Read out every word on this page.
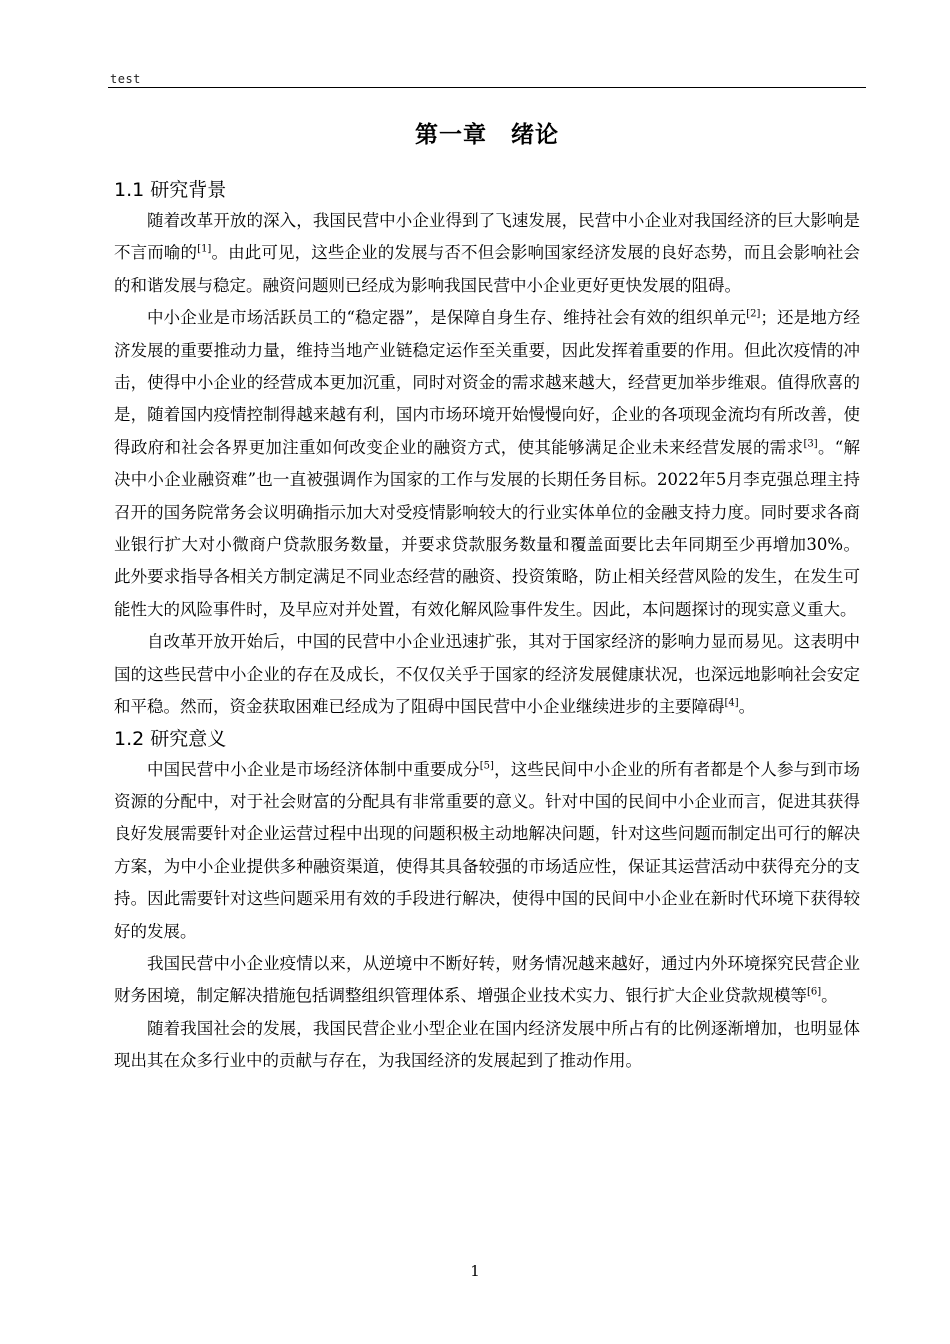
test
第一章　绪论
1.1 研究背景

随着改革开放的深入，我国民营中小企业得到了飞速发展，民营中小企业对我国经济的巨大影响是不言而喻的[1]。由此可见，这些企业的发展与否不但会影响国家经济发展的良好态势，而且会影响社会的和谐发展与稳定。融资问题则已经成为影响我国民营中小企业更好更快发展的阻碍。

中小企业是市场活跃员工的“稳定器”，是保障自身生存、维持社会有效的组织单元[2]；还是地方经济发展的重要推动力量，维持当地产业链稳定运作至关重要，因此发挥着重要的作用。但此次疫情的冲击，使得中小企业的经营成本更加沉重，同时对资金的需求越来越大，经营更加举步维艰。值得欣喜的是，随着国内疫情控制得越来越有利，国内市场环境开始慢慢向好，企业的各项现金流均有所改善，使得政府和社会各界更加注重如何改变企业的融资方式，使其能够满足企业未来经营发展的需求[3]。“解决中小企业融资难”也一直被强调作为国家的工作与发展的长期任务目标。2022年5月李克强总理主持召开的国务院常务会议明确指示加大对受疫情影响较大的行业实体单位的金融支持力度。同时要求各商业银行扩大对小微商户贷款服务数量，并要求贷款服务数量和覆盖面要比去年同期至少再增加30%。此外要求指导各相关方制定满足不同业态经营的融资、投资策略，防止相关经营风险的发生，在发生可能性大的风险事件时，及早应对并处置，有效化解风险事件发生。因此，本问题探讨的现实意义重大。

自改革开放开始后，中国的民营中小企业迅速扩张，其对于国家经济的影响力显而易见。这表明中国的这些民营中小企业的存在及成长，不仅仅关乎于国家的经济发展健康状况，也深远地影响社会安定和平稳。然而，资金获取困难已经成为了阻碍中国民营中小企业继续进步的主要障碍[4]。

1.2 研究意义

中国民营中小企业是市场经济体制中重要成分[5]，这些民间中小企业的所有者都是个人参与到市场资源的分配中，对于社会财富的分配具有非常重要的意义。针对中国的民间中小企业而言，促进其获得良好发展需要针对企业运营过程中出现的问题积极主动地解决问题，针对这些问题而制定出可行的解决方案，为中小企业提供多种融资渠道，使得其具备较强的市场适应性，保证其运营活动中获得充分的支持。因此需要针对这些问题采用有效的手段进行解决，使得中国的民间中小企业在新时代环境下获得较好的发展。

我国民营中小企业疫情以来，从逆境中不断好转，财务情况越来越好，通过内外环境探究民营企业财务困境，制定解决措施包括调整组织管理体系、增强企业技术实力、银行扩大企业贷款规模等[6]。

随着我国社会的发展，我国民营企业小型企业在国内经济发展中所占有的比例逐渐增加，也明显体现出其在众多行业中的贡献与存在，为我国经济的发展起到了推动作用。

1
